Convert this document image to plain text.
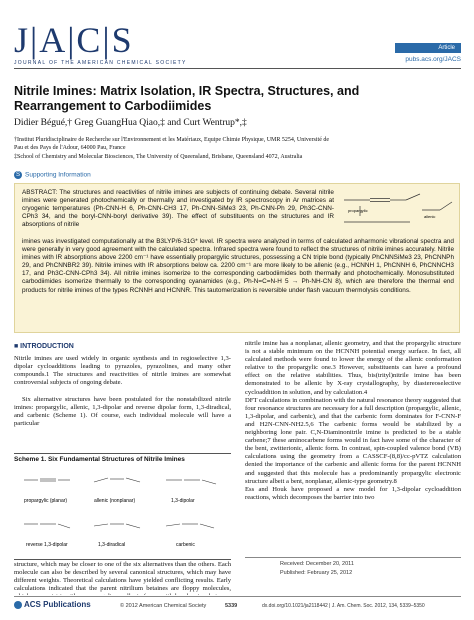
J|A|C|S
JOURNAL OF THE AMERICAN CHEMICAL SOCIETY
Article
pubs.acs.org/JACS
Nitrile Imines: Matrix Isolation, IR Spectra, Structures, and Rearrangement to Carbodiimides
Didier Bégué,† Greg GuangHua Qiao,‡ and Curt Wentrup*,‡
†Institut Pluridisciplinaire de Recherche sur l'Environnement et les Matériaux, Equipe Chimie Physique, UMR 5254, Université de
Pau et des Pays de l'Adour, 64000 Pau, France
‡School of Chemistry and Molecular Biosciences, The University of Queensland, Brisbane, Queensland 4072, Australia
S Supporting Information
ABSTRACT: The structures and reactivities of nitrile imines are subjects of continuing debate. Several nitrile imines were generated photochemically or thermally and investigated by IR spectroscopy in Ar matrices at cryogenic temperatures (Ph-CNN-H 6, Ph-CNN-CH3 17, Ph-CNN-SiMe3 23, Ph-CNN-Ph 29, Ph3C-CNN-CPh3 34, and the boryl-CNN-boryl derivative 39). The effect of substituents on the structures and IR absorptions of nitrile
imines was investigated computationally at the B3LYP/6-31G* level. IR spectra were analyzed in terms of calculated anharmonic vibrational spectra and were generally in very good agreement with the calculated spectra. Infrared spectra were found to reflect the structures of nitrile imines accurately. Nitrile imines with IR absorptions above 2200 cm⁻¹ have essentially propargylic structures, possessing a CN triple bond (typically PhCNNSiMe3 23, PhCNNPh 29, and PhCNNBR2 39). Nitrile imines with IR absorptions below ca. 2200 cm⁻¹ are more likely to be allenic (e.g., HCNNH 1, PhCNNH 6, PhCNNCH3 17, and Ph3C-CNN-CPh3 34). All nitrile imines isomerize to the corresponding carbodiimides both thermally and photochemically. Monosubstituted carbodiimides isomerize thermally to the corresponding cyanamides (e.g., Ph-N=C=N-H 5 → Ph-NH-CN 8), which are therefore the thermal end products for nitrile imines of the types RCNNH and HCNNR. This tautomerization is reversible under flash vacuum thermolysis conditions.
propargylic
allenic
■ INTRODUCTION
Nitrile imines are used widely in organic synthesis and in regioselective 1,3-dipolar cycloadditions leading to pyrazoles, pyrazolines, and many other compounds.1 The structures and reactivities of nitrile imines are somewhat controversial subjects of ongoing debate.
Six alternative structures have been postulated for the nonstabilized nitrile imines: propargylic, allenic, 1,3-dipolar and reverse dipolar form, 1,3-diradical, and carbenic (Scheme 1). Of course, each individual molecule will have a particular
Scheme 1. Six Fundamental Structures of Nitrile Imines
propargylic (planar)	allenic (nonplanar)	1,3-dipolar
reverse 1,3-dipolar	1,3-diradical	carbenic
structure, which may be closer to one of the six alternatives than the others. Each molecule can also be described by several canonical structures, which may have different weights. Theoretical calculations have yielded conflicting results. Early calculations indicated that the parent nitrilium betaines are floppy molecules,
nitrile imine has a nonplanar, allenic geometry, and that the propargylic structure is not a stable minimum on the HCNNH potential energy surface. In fact, all calculated methods were found to lower the energy of the allenic conformation relative to the propargylic one.3 However, substituents can have a profound effect on the relative stabilities. Thus, bis(trityl)nitrile imine has been demonstrated to be allenic by X-ray crystallography, by diastereoselective cycloaddition in solution, and by calculation.4
DFT calculations in combination with the natural resonance theory suggested that four resonance structures are necessary for a full description (propargylic, allenic, 1,3-dipolar, and carbenic), and that the carbenic form dominates for F-CNN-F and H2N-CNN-NH2.5,6 The carbenic forms would be stabilized by a neighboring lone pair. C,N-Diaminonitrile imine is predicted to be a stable carbene;7 these aminocarbene forms would in fact have some of the character of the bent, zwitterionic, allenic form. In contrast, spin-coupled valence bond (VB) calculations using the geometry from a CASSCF-(8,8)/cc-pVTZ calculation denied the importance of the carbenic and allenic forms for the parent HCNNH and suggested that this molecule has a predominantly propargylic electronic structure albeit a bent, nonplanar, allenic-type geometry.8
Ess and Houk have proposed a new model for 1,3-dipolar cycloaddition reactions, which decomposes the barrier into two
Received: December 20, 2011
Published: February 25, 2012
ACS Publications	© 2012 American Chemical Society	5339	dx.doi.org/10.1021/ja2118442 | J. Am. Chem. Soc. 2012, 134, 5339–5350
